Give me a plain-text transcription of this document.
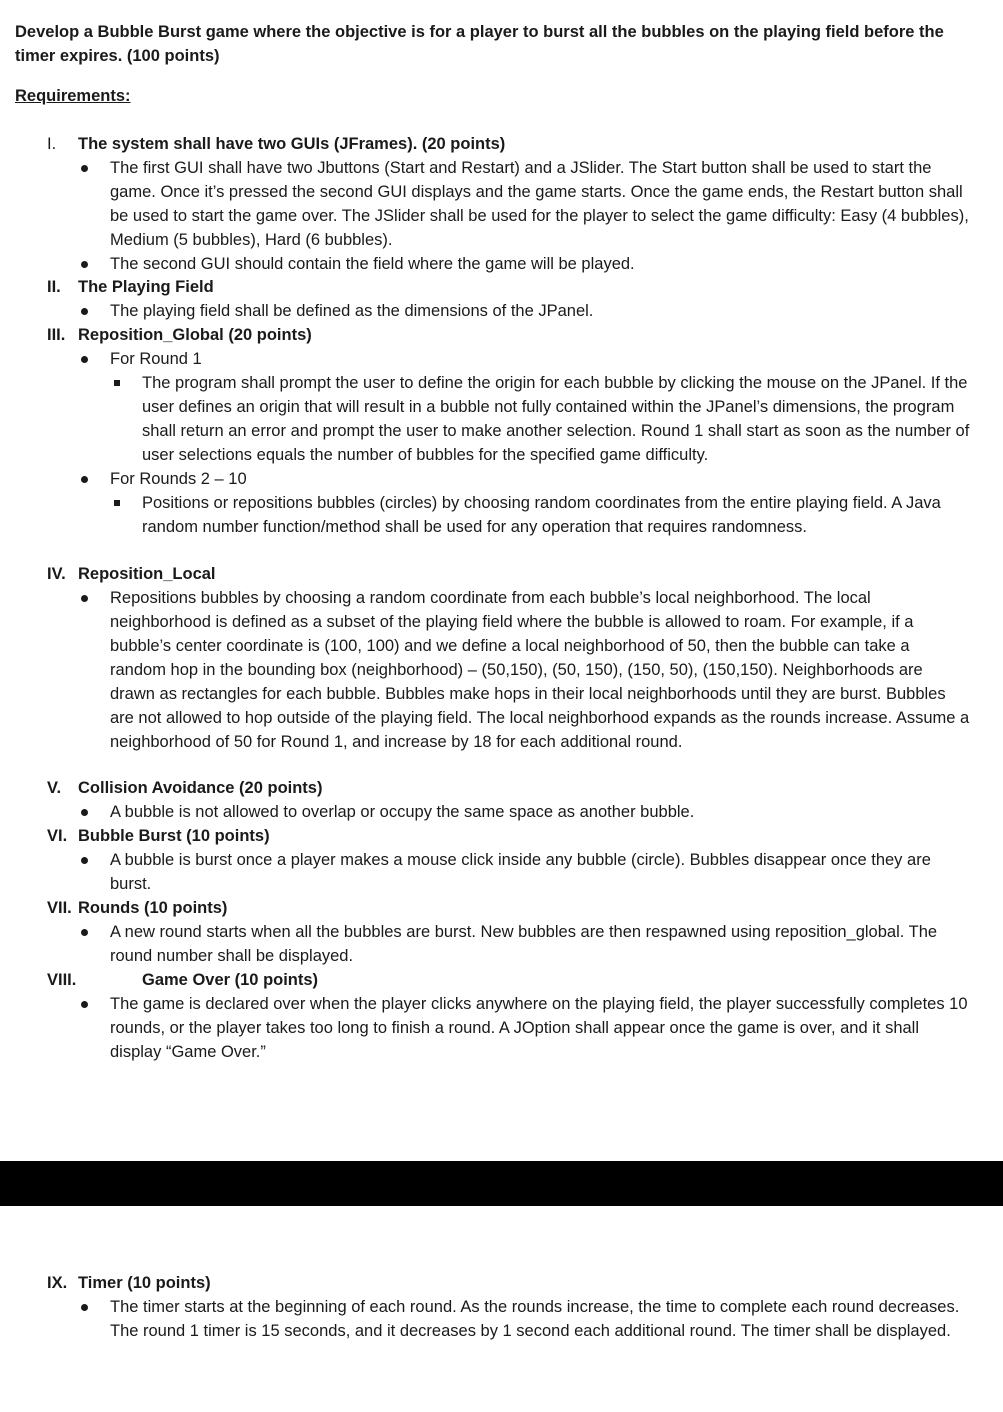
Develop a Bubble Burst game where the objective is for a player to burst all the bubbles on the playing field before the timer expires. (100 points)
Requirements:
I. The system shall have two GUIs (JFrames). (20 points)
The first GUI shall have two Jbuttons (Start and Restart) and a JSlider. The Start button shall be used to start the game. Once it’s pressed the second GUI displays and the game starts. Once the game ends, the Restart button shall be used to start the game over. The JSlider shall be used for the player to select the game difficulty: Easy (4 bubbles), Medium (5 bubbles), Hard (6 bubbles).
The second GUI should contain the field where the game will be played.
II. The Playing Field
The playing field shall be defined as the dimensions of the JPanel.
III. Reposition_Global (20 points)
For Round 1
The program shall prompt the user to define the origin for each bubble by clicking the mouse on the JPanel. If the user defines an origin that will result in a bubble not fully contained within the JPanel’s dimensions, the program shall return an error and prompt the user to make another selection. Round 1 shall start as soon as the number of user selections equals the number of bubbles for the specified game difficulty.
For Rounds 2 – 10
Positions or repositions bubbles (circles) by choosing random coordinates from the entire playing field. A Java random number function/method shall be used for any operation that requires randomness.
IV. Reposition_Local
Repositions bubbles by choosing a random coordinate from each bubble’s local neighborhood. The local neighborhood is defined as a subset of the playing field where the bubble is allowed to roam. For example, if a bubble’s center coordinate is (100, 100) and we define a local neighborhood of 50, then the bubble can take a random hop in the bounding box (neighborhood) – (50,150), (50, 150), (150, 50), (150,150). Neighborhoods are drawn as rectangles for each bubble. Bubbles make hops in their local neighborhoods until they are burst. Bubbles are not allowed to hop outside of the playing field. The local neighborhood expands as the rounds increase. Assume a neighborhood of 50 for Round 1, and increase by 18 for each additional round.
V. Collision Avoidance (20 points)
A bubble is not allowed to overlap or occupy the same space as another bubble.
VI. Bubble Burst (10 points)
A bubble is burst once a player makes a mouse click inside any bubble (circle). Bubbles disappear once they are burst.
VII. Rounds (10 points)
A new round starts when all the bubbles are burst. New bubbles are then respawned using reposition_global. The round number shall be displayed.
VIII.	Game Over (10 points)
The game is declared over when the player clicks anywhere on the playing field, the player successfully completes 10 rounds, or the player takes too long to finish a round. A JOption shall appear once the game is over, and it shall display “Game Over.”
IX. Timer (10 points)
The timer starts at the beginning of each round. As the rounds increase, the time to complete each round decreases. The round 1 timer is 15 seconds, and it decreases by 1 second each additional round. The timer shall be displayed.
